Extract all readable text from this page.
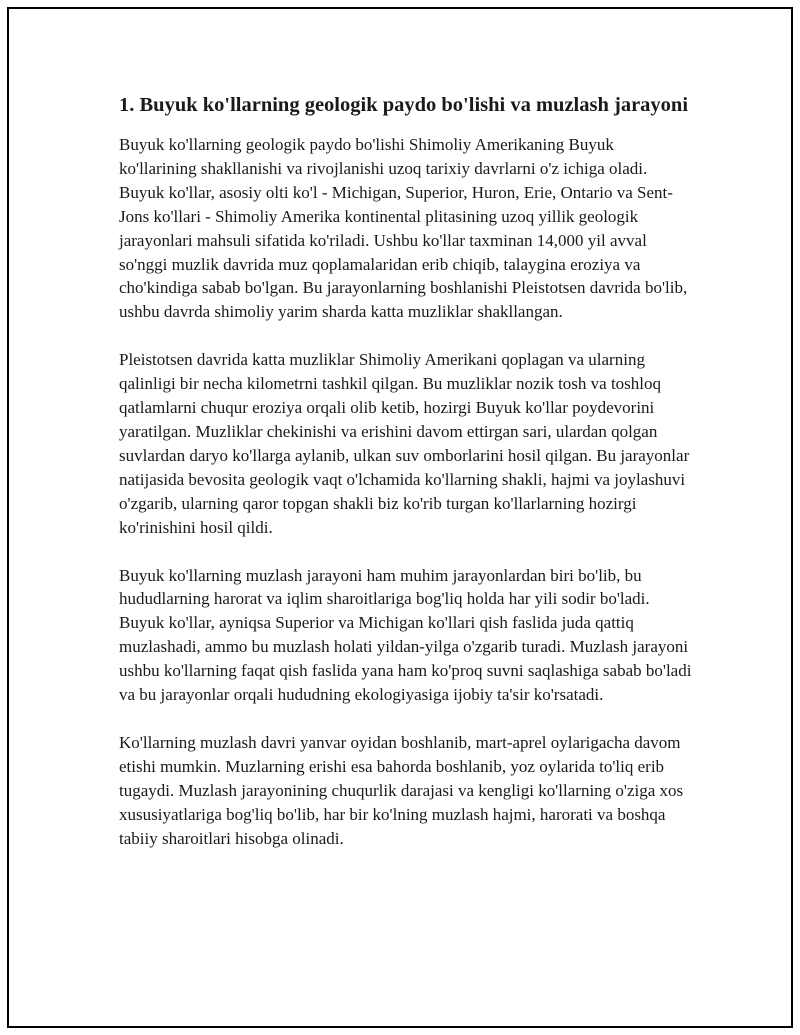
1. Buyuk ko'llarning geologik paydo bo'lishi va muzlash jarayoni

Buyuk ko'llarning geologik paydo bo'lishi Shimoliy Amerikaning Buyuk ko'llarining shakllanishi va rivojlanishi uzoq tarixiy davrlarni o'z ichiga oladi. Buyuk ko'llar, asosiy olti ko'l - Michigan, Superior, Huron, Erie, Ontario va Sent-Jons ko'llari - Shimoliy Amerika kontinental plitasining uzoq yillik geologik jarayonlari mahsuli sifatida ko'riladi. Ushbu ko'llar taxminan 14,000 yil avval so'nggi muzlik davrida muz qoplamalaridan erib chiqib, talaygina eroziya va cho'kindiga sabab bo'lgan. Bu jarayonlarning boshlanishi Pleistotsen davrida bo'lib, ushbu davrda shimoliy yarim sharda katta muzliklar shakllangan.

Pleistotsen davrida katta muzliklar Shimoliy Amerikani qoplagan va ularning qalinligi bir necha kilometrni tashkil qilgan. Bu muzliklar nozik tosh va toshloq qatlamlarni chuqur eroziya orqali olib ketib, hozirgi Buyuk ko'llar poydevorini yaratilgan. Muzliklar chekinishi va erishini davom ettirgan sari, ulardan qolgan suvlardan daryo ko'llarga aylanib, ulkan suv omborlarini hosil qilgan. Bu jarayonlar natijasida bevosita geologik vaqt o'lchamida ko'llarning shakli, hajmi va joylashuvi o'zgarib, ularning qaror topgan shakli biz ko'rib turgan ko'llarlarning hozirgi ko'rinishini hosil qildi.

Buyuk ko'llarning muzlash jarayoni ham muhim jarayonlardan biri bo'lib, bu hududlarning harorat va iqlim sharoitlariga bog'liq holda har yili sodir bo'ladi. Buyuk ko'llar, ayniqsa Superior va Michigan ko'llari qish faslida juda qattiq muzlashadi, ammo bu muzlash holati yildan-yilga o'zgarib turadi. Muzlash jarayoni ushbu ko'llarning faqat qish faslida yana ham ko'proq suvni saqlashiga sabab bo'ladi va bu jarayonlar orqali hududning ekologiyasiga ijobiy ta'sir ko'rsatadi.

Ko'llarning muzlash davri yanvar oyidan boshlanib, mart-aprel oylarigacha davom etishi mumkin. Muzlarning erishi esa bahorda boshlanib, yoz oylarida to'liq erib tugaydi. Muzlash jarayonining chuqurlik darajasi va kengligi ko'llarning o'ziga xos xususiyatlariga bog'liq bo'lib, har bir ko'lning muzlash hajmi, harorati va boshqa tabiiy sharoitlari hisobga olinadi.
